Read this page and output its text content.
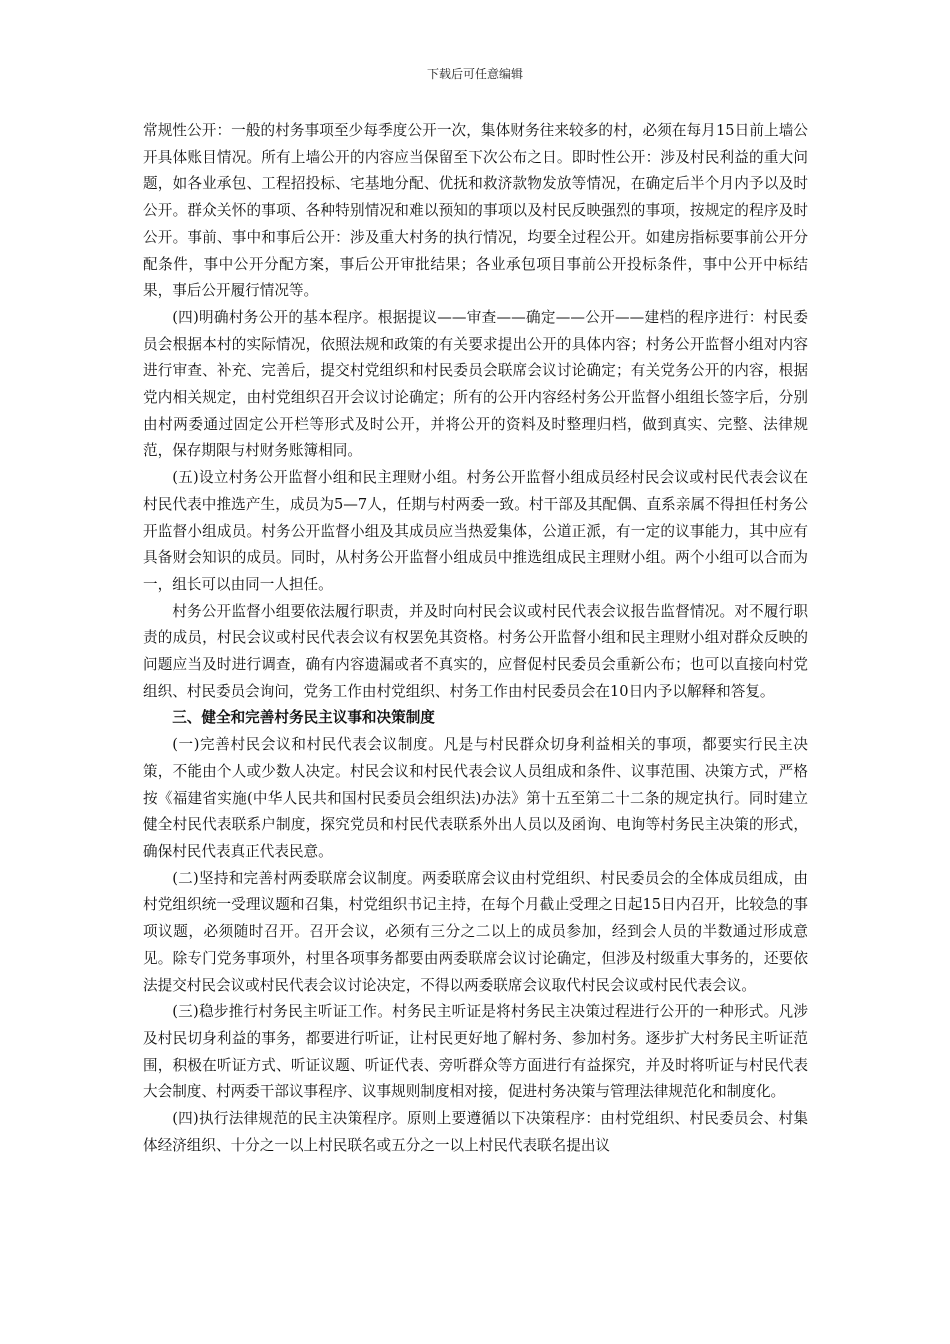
下载后可任意编辑

常规性公开：一般的村务事项至少每季度公开一次，集体财务往来较多的村，必须在每月15日前上墙公开具体账目情况。所有上墙公开的内容应当保留至下次公布之日。即时性公开：涉及村民利益的重大问题，如各业承包、工程招投标、宅基地分配、优抚和救济款物发放等情况，在确定后半个月内予以及时公开。群众关怀的事项、各种特别情况和难以预知的事项以及村民反映强烈的事项，按规定的程序及时公开。事前、事中和事后公开：涉及重大村务的执行情况，均要全过程公开。如建房指标要事前公开分配条件，事中公开分配方案，事后公开审批结果；各业承包项目事前公开投标条件，事中公开中标结果，事后公开履行情况等。

(四)明确村务公开的基本程序。根据提议——审查——确定——公开——建档的程序进行：村民委员会根据本村的实际情况，依照法规和政策的有关要求提出公开的具体内容；村务公开监督小组对内容进行审查、补充、完善后，提交村党组织和村民委员会联席会议讨论确定；有关党务公开的内容，根据党内相关规定，由村党组织召开会议讨论确定；所有的公开内容经村务公开监督小组组长签字后，分别由村两委通过固定公开栏等形式及时公开，并将公开的资料及时整理归档，做到真实、完整、法律规范，保存期限与村财务账簿相同。

(五)设立村务公开监督小组和民主理财小组。村务公开监督小组成员经村民会议或村民代表会议在村民代表中推选产生，成员为5—7人，任期与村两委一致。村干部及其配偶、直系亲属不得担任村务公开监督小组成员。村务公开监督小组及其成员应当热爱集体，公道正派，有一定的议事能力，其中应有具备财会知识的成员。同时，从村务公开监督小组成员中推选组成民主理财小组。两个小组可以合而为一，组长可以由同一人担任。

村务公开监督小组要依法履行职责，并及时向村民会议或村民代表会议报告监督情况。对不履行职责的成员，村民会议或村民代表会议有权罢免其资格。村务公开监督小组和民主理财小组对群众反映的问题应当及时进行调查，确有内容遗漏或者不真实的，应督促村民委员会重新公布；也可以直接向村党组织、村民委员会询问，党务工作由村党组织、村务工作由村民委员会在10日内予以解释和答复。

三、健全和完善村务民主议事和决策制度

(一)完善村民会议和村民代表会议制度。凡是与村民群众切身利益相关的事项，都要实行民主决策，不能由个人或少数人决定。村民会议和村民代表会议人员组成和条件、议事范围、决策方式，严格按《福建省实施(中华人民共和国村民委员会组织法)办法》第十五至第二十二条的规定执行。同时建立健全村民代表联系户制度，探究党员和村民代表联系外出人员以及函询、电询等村务民主决策的形式，确保村民代表真正代表民意。

(二)坚持和完善村两委联席会议制度。两委联席会议由村党组织、村民委员会的全体成员组成，由村党组织统一受理议题和召集，村党组织书记主持，在每个月截止受理之日起15日内召开，比较急的事项议题，必须随时召开。召开会议，必须有三分之二以上的成员参加，经到会人员的半数通过形成意见。除专门党务事项外，村里各项事务都要由两委联席会议讨论确定，但涉及村级重大事务的，还要依法提交村民会议或村民代表会议讨论决定，不得以两委联席会议取代村民会议或村民代表会议。

(三)稳步推行村务民主听证工作。村务民主听证是将村务民主决策过程进行公开的一种形式。凡涉及村民切身利益的事务，都要进行听证，让村民更好地了解村务、参加村务。逐步扩大村务民主听证范围，积极在听证方式、听证议题、听证代表、旁听群众等方面进行有益探究，并及时将听证与村民代表大会制度、村两委干部议事程序、议事规则制度相对接，促进村务决策与管理法律规范化和制度化。

(四)执行法律规范的民主决策程序。原则上要遵循以下决策程序：由村党组织、村民委员会、村集体经济组织、十分之一以上村民联名或五分之一以上村民代表联名提出议
